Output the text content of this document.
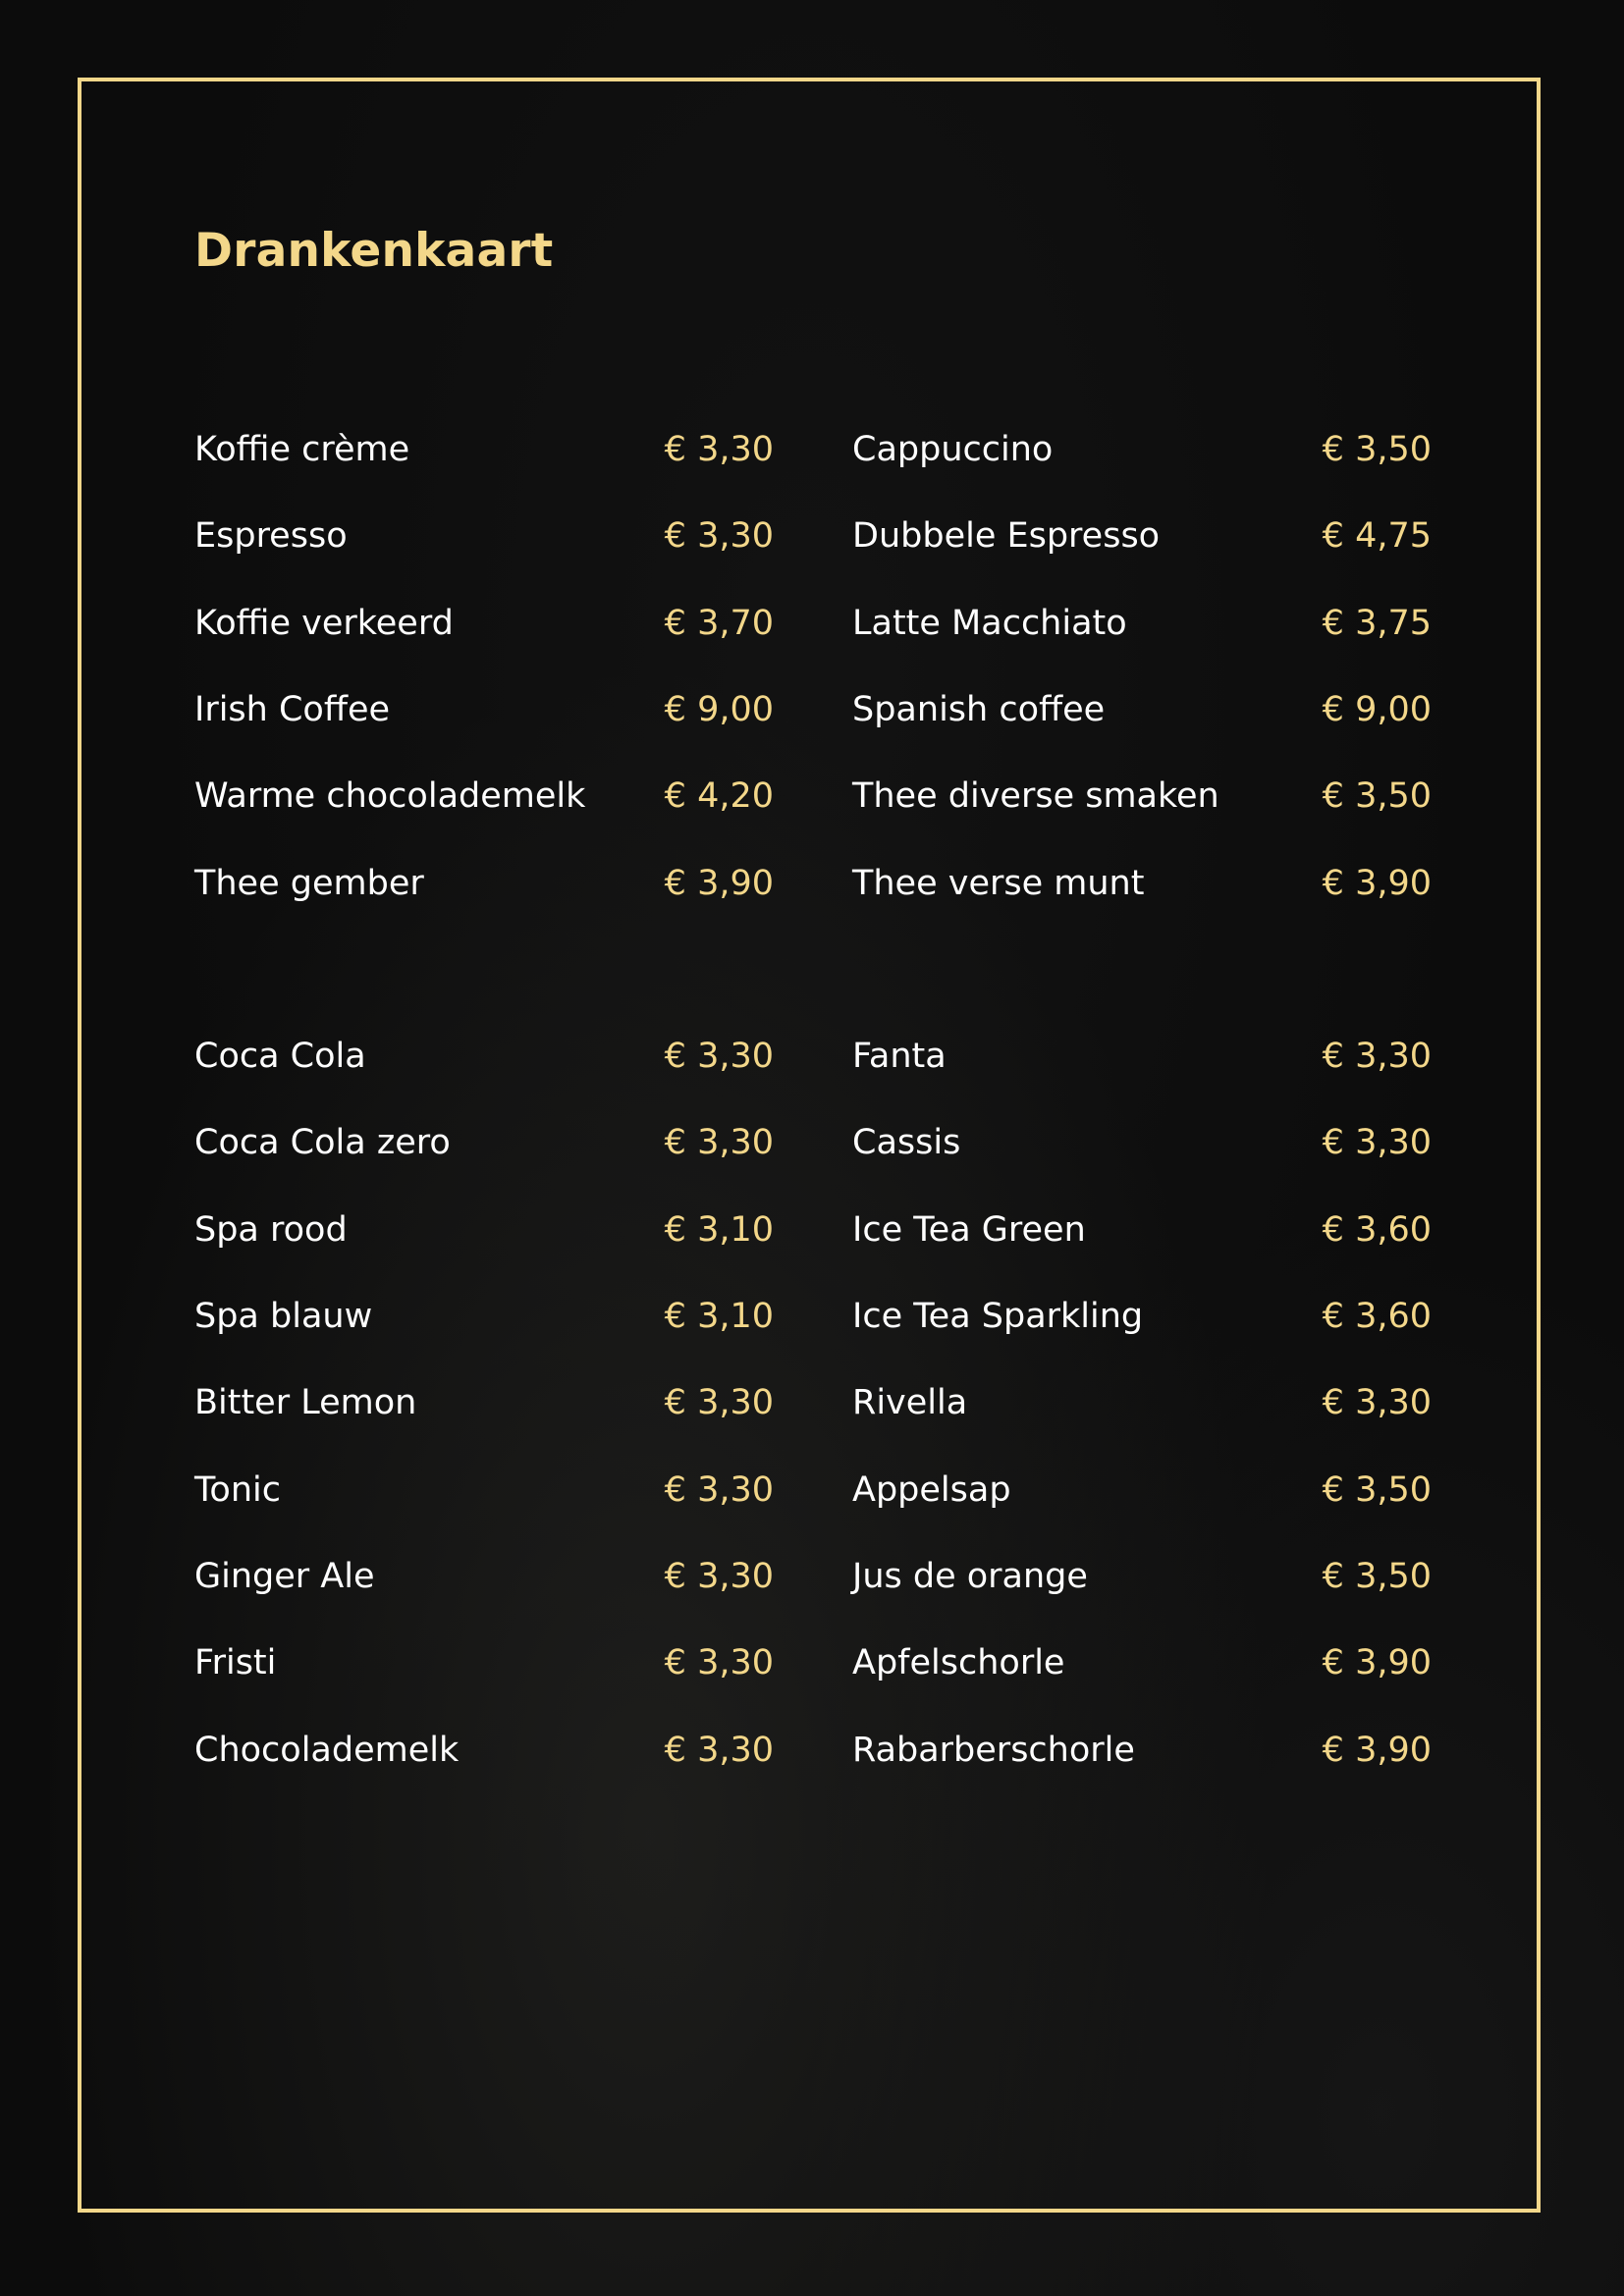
Drankenkaart
Koffie crème	€ 3,30 Cappuccino	€ 3,50
Espresso	€ 3,30 Dubbele Espresso	€ 4,75
Koffie verkeerd	€ 3,70 Latte Macchiato	€ 3,75
Irish Coffee	€ 9,00 Spanish coffee	€ 9,00
Warme chocolademelk € 4,20 Thee diverse smaken	€ 3,50
Thee gember	€ 3,90 Thee verse munt	€ 3,90
Coca Cola	€ 3,30 Fanta	€ 3,30
Coca Cola zero	€ 3,30 Cassis	€ 3,30
Spa rood	€ 3,10 Ice Tea Green	€ 3,60
Spa blauw	€ 3,10 Ice Tea Sparkling	€ 3,60
Bitter Lemon	€ 3,30 Rivella	€ 3,30
Tonic	€ 3,30 Appelsap	€ 3,50
Ginger Ale	€ 3,30 Jus de orange	€ 3,50
Fristi	€ 3,30 Apfelschorle	€ 3,90
Chocolademelk	€ 3,30 Rabarberschorle	€ 3,90
